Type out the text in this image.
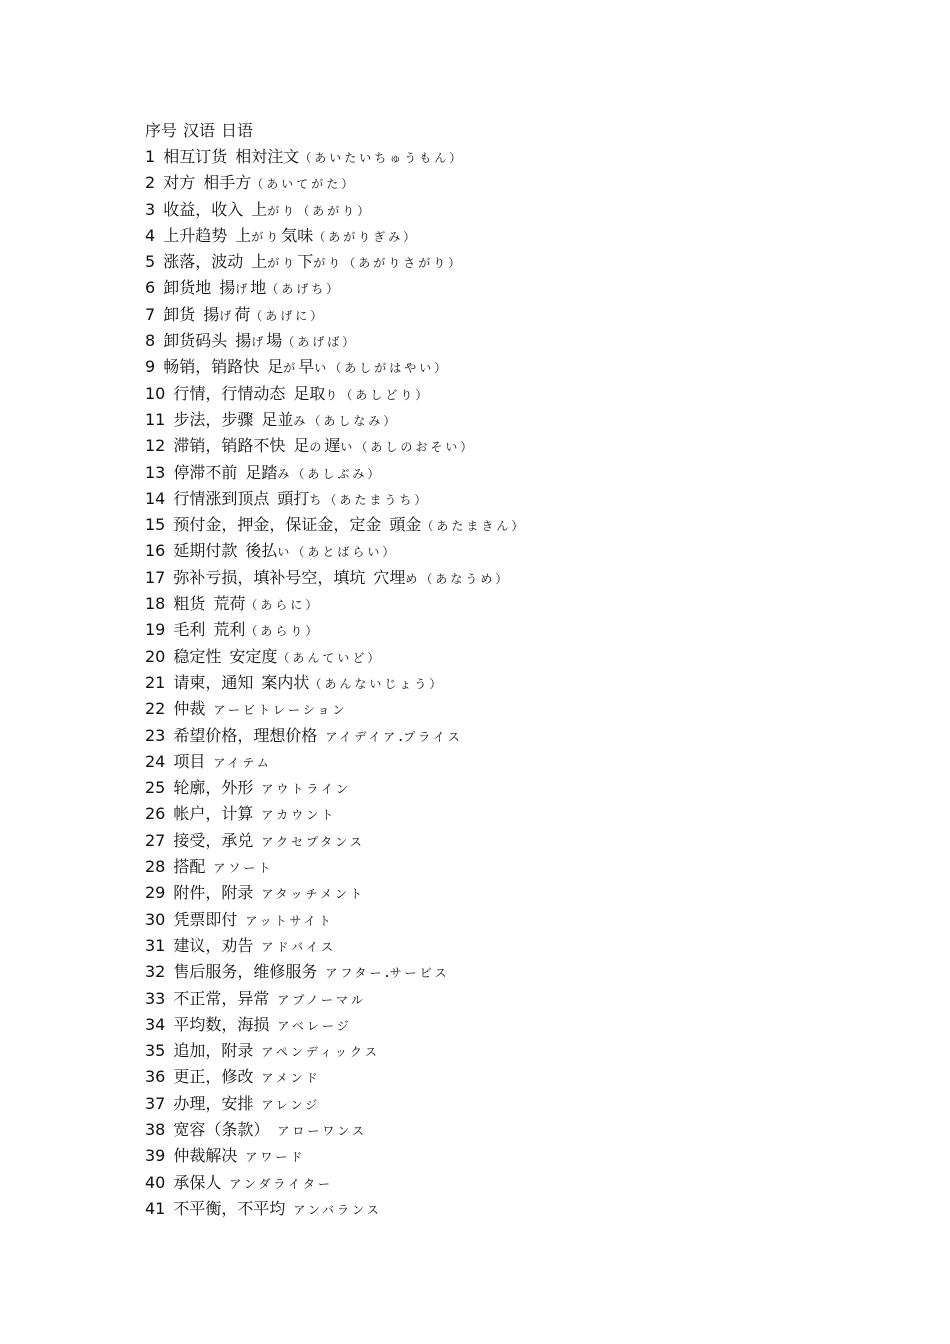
序号 汉语 日语
1 相互订货 相対注文（あいたいちゅうもん）
2 对方 相手方（あいてがた）
3 收益，收入 上がり（あがり）
4 上升趋势 上がり気味（あがりぎみ）
5 涨落，波动 上がり下がり（あがりさがり）
6 卸货地 揚げ地（あげち）
7 卸货 揚げ荷（あげに）
8 卸货码头 揚げ場（あげば）
9 畅销，销路快 足が早い（あしがはやい）
10 行情，行情动态 足取り（あしどり）
11 步法，步骤 足並み（あしなみ）
12 滞销，销路不快 足の遅い（あしのおそい）
13 停滞不前 足踏み（あしぶみ）
14 行情涨到顶点 頭打ち（あたまうち）
15 预付金，押金，保证金，定金 頭金（あたまきん）
16 延期付款 後払い（あとばらい）
17 弥补亏损，填补号空，填坑 穴埋め（あなうめ）
18 粗货 荒荷（あらに）
19 毛利 荒利（あらり）
20 稳定性 安定度（あんていど）
21 请柬，通知 案内状（あんないじょう）
22 仲裁 アービトレーション
23 希望价格，理想价格 アイデイア.プライス
24 项目 アイテム
25 轮廓，外形 アウトライン
26 帐户，计算 アカウント
27 接受，承兑 アクセプタンス
28 搭配 アソート
29 附件，附录 アタッチメント
30 凭票即付 アットサイト
31 建议，劝告 アドバイス
32 售后服务，维修服务 アフター.サービス
33 不正常，异常 アブノーマル
34 平均数，海损 アベレージ
35 追加，附录 アペンディックス
36 更正，修改 アメンド
37 办理，安排 アレンジ
38 宽容（条款） アローワンス
39 仲裁解决 アワード
40 承保人 アンダライター
41 不平衡，不平均 アンバランス
